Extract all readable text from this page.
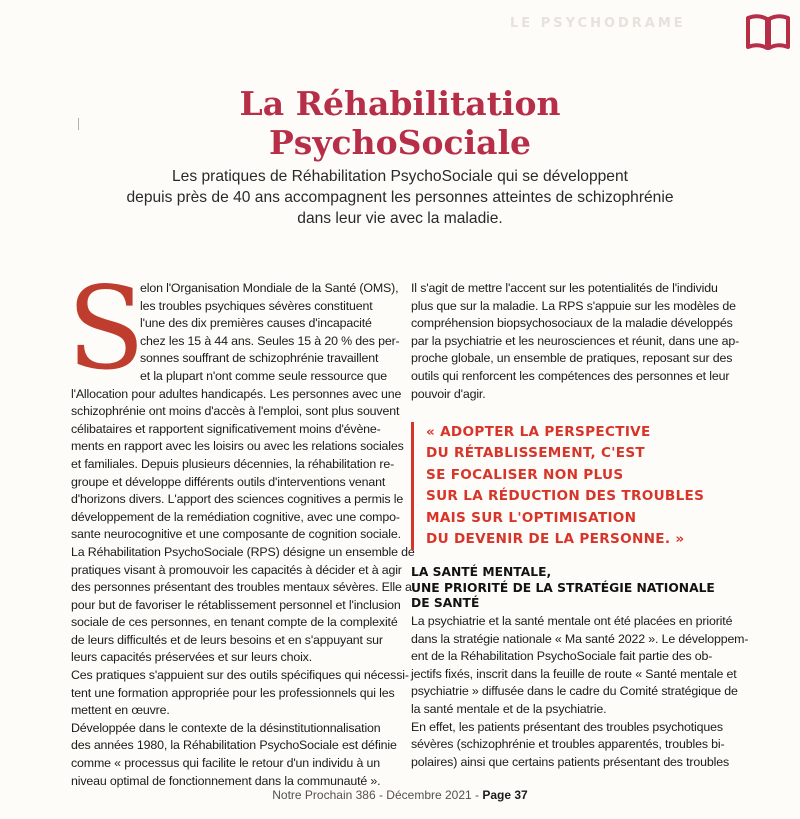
LE PSYCHODRAME
La Réhabilitation
PsychoSociale
Les pratiques de Réhabilitation PsychoSociale qui se développent
depuis près de 40 ans accompagnent les personnes atteintes de schizophrénie
dans leur vie avec la maladie.
S
elon l'Organisation Mondiale de la Santé (OMS),
les troubles psychiques sévères constituent
l'une des dix premières causes d'incapacité
chez les 15 à 44 ans. Seules 15 à 20 % des per-
sonnes souffrant de schizophrénie travaillent
et la plupart n'ont comme seule ressource que
l'Allocation pour adultes handicapés. Les personnes avec une
schizophrénie ont moins d'accès à l'emploi, sont plus souvent
célibataires et rapportent significativement moins d'évène-
ments en rapport avec les loisirs ou avec les relations sociales
et familiales. Depuis plusieurs décennies, la réhabilitation re-
groupe et développe différents outils d'interventions venant
d'horizons divers. L'apport des sciences cognitives a permis le
développement de la remédiation cognitive, avec une compo-
sante neurocognitive et une composante de cognition sociale.
La Réhabilitation PsychoSociale (RPS) désigne un ensemble de
pratiques visant à promouvoir les capacités à décider et à agir
des personnes présentant des troubles mentaux sévères. Elle a
pour but de favoriser le rétablissement personnel et l'inclusion
sociale de ces personnes, en tenant compte de la complexité
de leurs difficultés et de leurs besoins et en s'appuyant sur
leurs capacités préservées et sur leurs choix.
Ces pratiques s'appuient sur des outils spécifiques qui nécessi-
tent une formation appropriée pour les professionnels qui les
mettent en œuvre.
Développée dans le contexte de la désinstitutionnalisation
des années 1980, la Réhabilitation PsychoSociale est définie
comme « processus qui facilite le retour d'un individu à un
niveau optimal de fonctionnement dans la communauté ».
Il s'agit de mettre l'accent sur les potentialités de l'individu
plus que sur la maladie. La RPS s'appuie sur les modèles de
compréhension biopsychosociaux de la maladie développés
par la psychiatrie et les neurosciences et réunit, dans une ap-
proche globale, un ensemble de pratiques, reposant sur des
outils qui renforcent les compétences des personnes et leur
pouvoir d'agir.
« ADOPTER LA PERSPECTIVE
DU RÉTABLISSEMENT, C'EST
SE FOCALISER NON PLUS
SUR LA RÉDUCTION DES TROUBLES
MAIS SUR L'OPTIMISATION
DU DEVENIR DE LA PERSONNE. »
LA SANTÉ MENTALE,
UNE PRIORITÉ DE LA STRATÉGIE NATIONALE
DE SANTÉ
La psychiatrie et la santé mentale ont été placées en priorité
dans la stratégie nationale « Ma santé 2022 ». Le développem-
ent de la Réhabilitation PsychoSociale fait partie des ob-
jectifs fixés, inscrit dans la feuille de route « Santé mentale et
psychiatrie » diffusée dans le cadre du Comité stratégique de
la santé mentale et de la psychiatrie.
En effet, les patients présentant des troubles psychotiques
sévères (schizophrénie et troubles apparentés, troubles bi-
polaires) ainsi que certains patients présentant des troubles
Notre Prochain 386 - Décembre 2021 - Page 37
